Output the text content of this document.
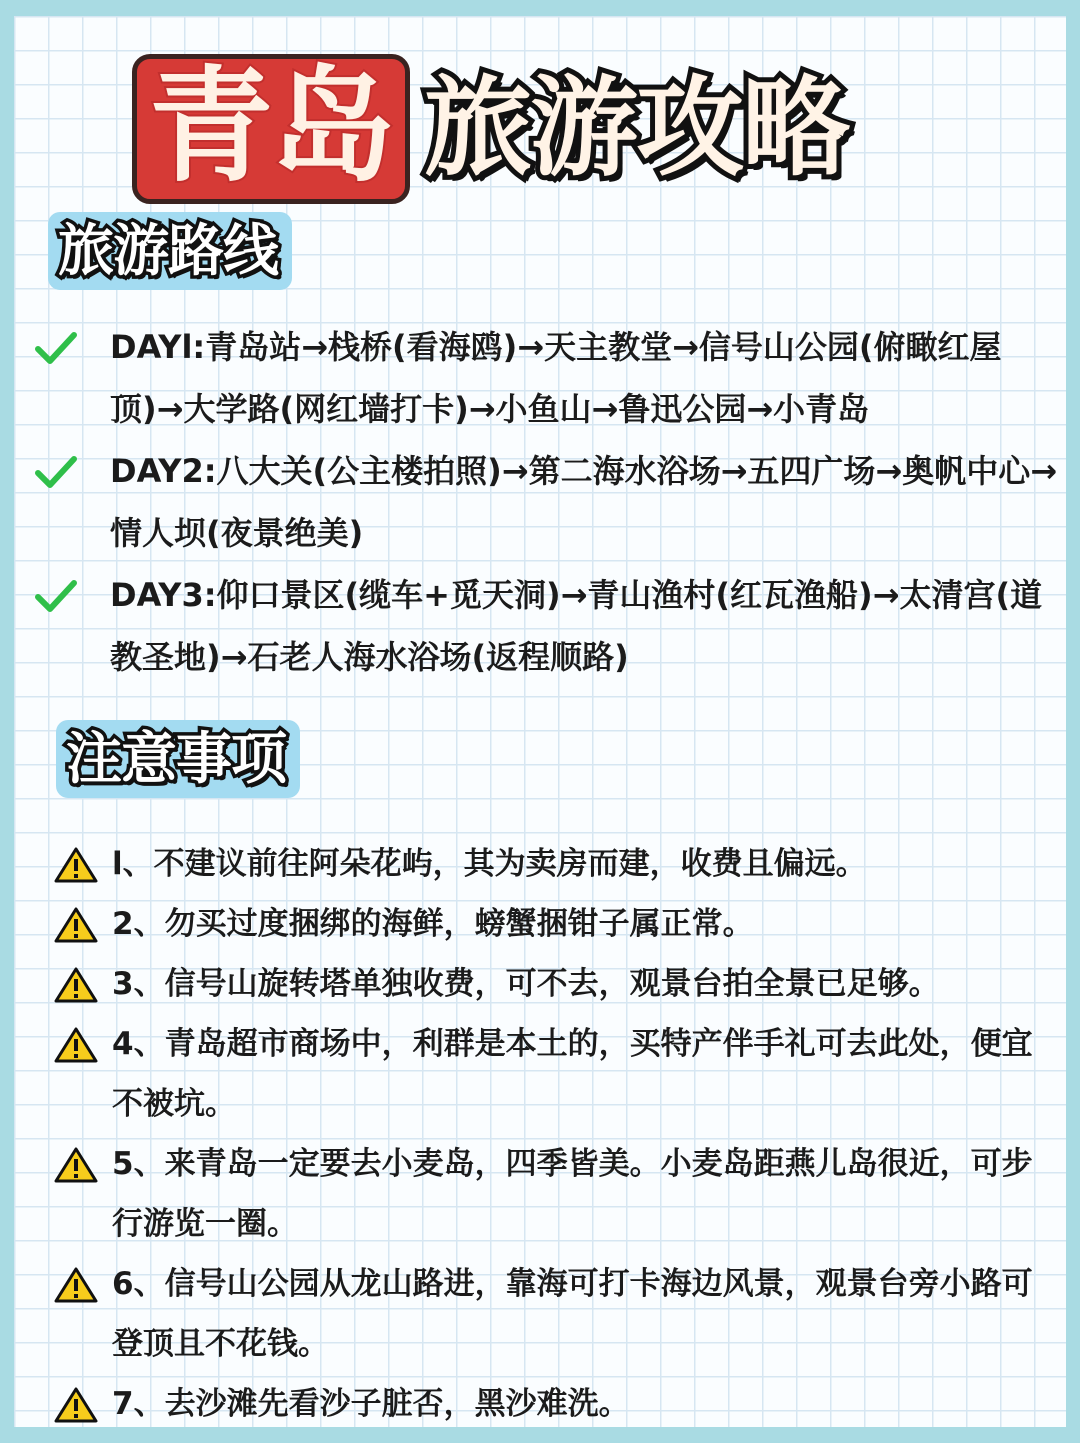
青岛 旅游攻略
旅游路线
DAYl:青岛站→栈桥(看海鸥)→天主教堂→信号山公园(俯瞰红屋顶)→大学路(网红墙打卡)→小鱼山→鲁迅公园→小青岛
DAY2:八大关(公主楼拍照)→第二海水浴场→五四广场→奥帆中心→情人坝(夜景绝美)
DAY3:仰口景区(缆车+觅天洞)→青山渔村(红瓦渔船)→太清宫(道教圣地)→石老人海水浴场(返程顺路)
注意事项
l、不建议前往阿朵花屿，其为卖房而建，收费且偏远。
2、勿买过度捆绑的海鲜，螃蟹捆钳子属正常。
3、信号山旋转塔单独收费，可不去，观景台拍全景已足够。
4、青岛超市商场中，利群是本土的，买特产伴手礼可去此处，便宜不被坑。
5、来青岛一定要去小麦岛，四季皆美。小麦岛距燕儿岛很近，可步行游览一圈。
6、信号山公园从龙山路进，靠海可打卡海边风景，观景台旁小路可登顶且不花钱。
7、去沙滩先看沙子脏否，黑沙难洗。
